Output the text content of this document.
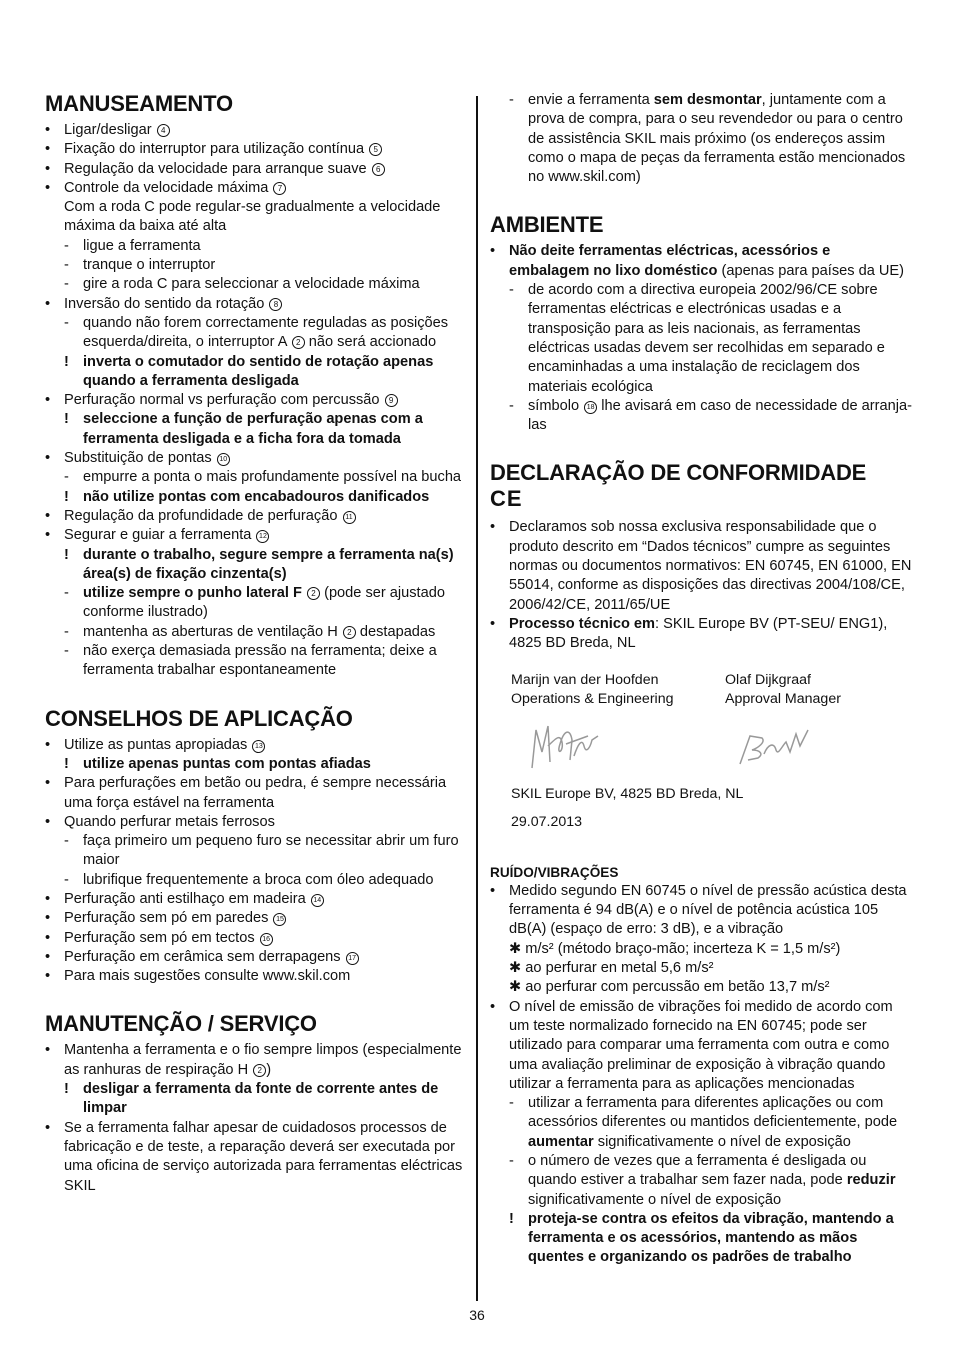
MANUSEAMENTO
• Ligar/desligar 4
• Fixação do interruptor para utilização contínua 5
• Regulação da velocidade para arranque suave 6
• Controle da velocidade máxima 7
Com a roda C pode regular-se gradualmente a velocidade máxima da baixa até alta
- ligue a ferramenta
- tranque o interruptor
- gire a roda C para seleccionar a velocidade máxima
• Inversão do sentido da rotação 8
- quando não forem correctamente reguladas as posições esquerda/direita, o interruptor A 2 não será accionado
! inverta o comutador do sentido de rotação apenas quando a ferramenta desligada
• Perfuração normal vs perfuração com percussão 9
! seleccione a função de perfuração apenas com a ferramenta desligada e a ficha fora da tomada
• Substituição de pontas 10
- empurre a ponta o mais profundamente possível na bucha
! não utilize pontas com encabadouros danificados
• Regulação da profundidade de perfuração 11
• Segurar e guiar a ferramenta 12
! durante o trabalho, segure sempre a ferramenta na(s) área(s) de fixação cinzenta(s)
- utilize sempre o punho lateral F 2 (pode ser ajustado conforme ilustrado)
- mantenha as aberturas de ventilação H 2 destapadas
- não exerça demasiada pressão na ferramenta; deixe a ferramenta trabalhar espontaneamente
CONSELHOS DE APLICAÇÃO
• Utilize as puntas apropiadas 13
! utilize apenas puntas com pontas afiadas
• Para perfurações em betão ou pedra, é sempre necessária uma força estável na ferramenta
• Quando perfurar metais ferrosos
- faça primeiro um pequeno furo se necessitar abrir um furo maior
- lubrifique frequentemente a broca com óleo adequado
• Perfuração anti estilhaço em madeira 14
• Perfuração sem pó em paredes 15
• Perfuração sem pó em tectos 16
• Perfuração em cerâmica sem derrapagens 17
• Para mais sugestões consulte www.skil.com
MANUTENÇÃO / SERVIÇO
• Mantenha a ferramenta e o fio sempre limpos (especialmente as ranhuras de respiração H 2 )
! desligar a ferramenta da fonte de corrente antes de limpar
• Se a ferramenta falhar apesar de cuidadosos processos de fabricação e de teste, a reparação deverá ser executada por uma oficina de serviço autorizada para ferramentas eléctricas SKIL
- envie a ferramenta sem desmontar, juntamente com a prova de compra, para o seu revendedor ou para o centro de assistência SKIL mais próximo (os endereços assim como o mapa de peças da ferramenta estão mencionados no www.skil.com)
AMBIENTE
• Não deite ferramentas eléctricas, acessórios e embalagem no lixo doméstico (apenas para países da UE)
- de acordo com a directiva europeia 2002/96/CE sobre ferramentas eléctricas e electrónicas usadas e a transposição para as leis nacionais, as ferramentas eléctricas usadas devem ser recolhidas em separado e encaminhadas a uma instalação de reciclagem dos materiais ecológica
- símbolo 18 lhe avisará em caso de necessidade de arranja-las
DECLARAÇÃO DE CONFORMIDADE
CE
• Declaramos sob nossa exclusiva responsabilidade que o produto descrito em “Dados técnicos” cumpre as seguintes normas ou documentos normativos: EN 60745, EN 61000, EN 55014, conforme as disposições das directivas 2004/108/CE, 2006/42/CE, 2011/65/UE
• Processo técnico em: SKIL Europe BV (PT-SEU/ ENG1), 4825 BD Breda, NL
Marijn van der Hoofden
Operations & Engineering
Olaf Dijkgraaf
Approval Manager
SKIL Europe BV, 4825 BD Breda, NL
29.07.2013
RUÍDO/VIBRAÇÕES
• Medido segundo EN 60745 o nível de pressão acústica desta ferramenta é 94 dB(A) e o nível de potência acústica 105 dB(A) (espaço de erro: 3 dB), e a vibração
✱ m/s² (método braço-mão; incerteza K = 1,5 m/s²)
✱ ao perfurar en metal 5,6 m/s²
✱ ao perfurar com percussão em betão 13,7 m/s²
• O nível de emissão de vibrações foi medido de acordo com um teste normalizado fornecido na EN 60745; pode ser utilizado para comparar uma ferramenta com outra e como uma avaliação preliminar de exposição à vibração quando utilizar a ferramenta para as aplicações mencionadas
- utilizar a ferramenta para diferentes aplicações ou com acessórios diferentes ou mantidos deficientemente, pode aumentar significativamente o nível de exposição
- o número de vezes que a ferramenta é desligada ou quando estiver a trabalhar sem fazer nada, pode reduzir significativamente o nível de exposição
! proteja-se contra os efeitos da vibração, mantendo a ferramenta e os acessórios, mantendo as mãos quentes e organizando os padrões de trabalho
36
